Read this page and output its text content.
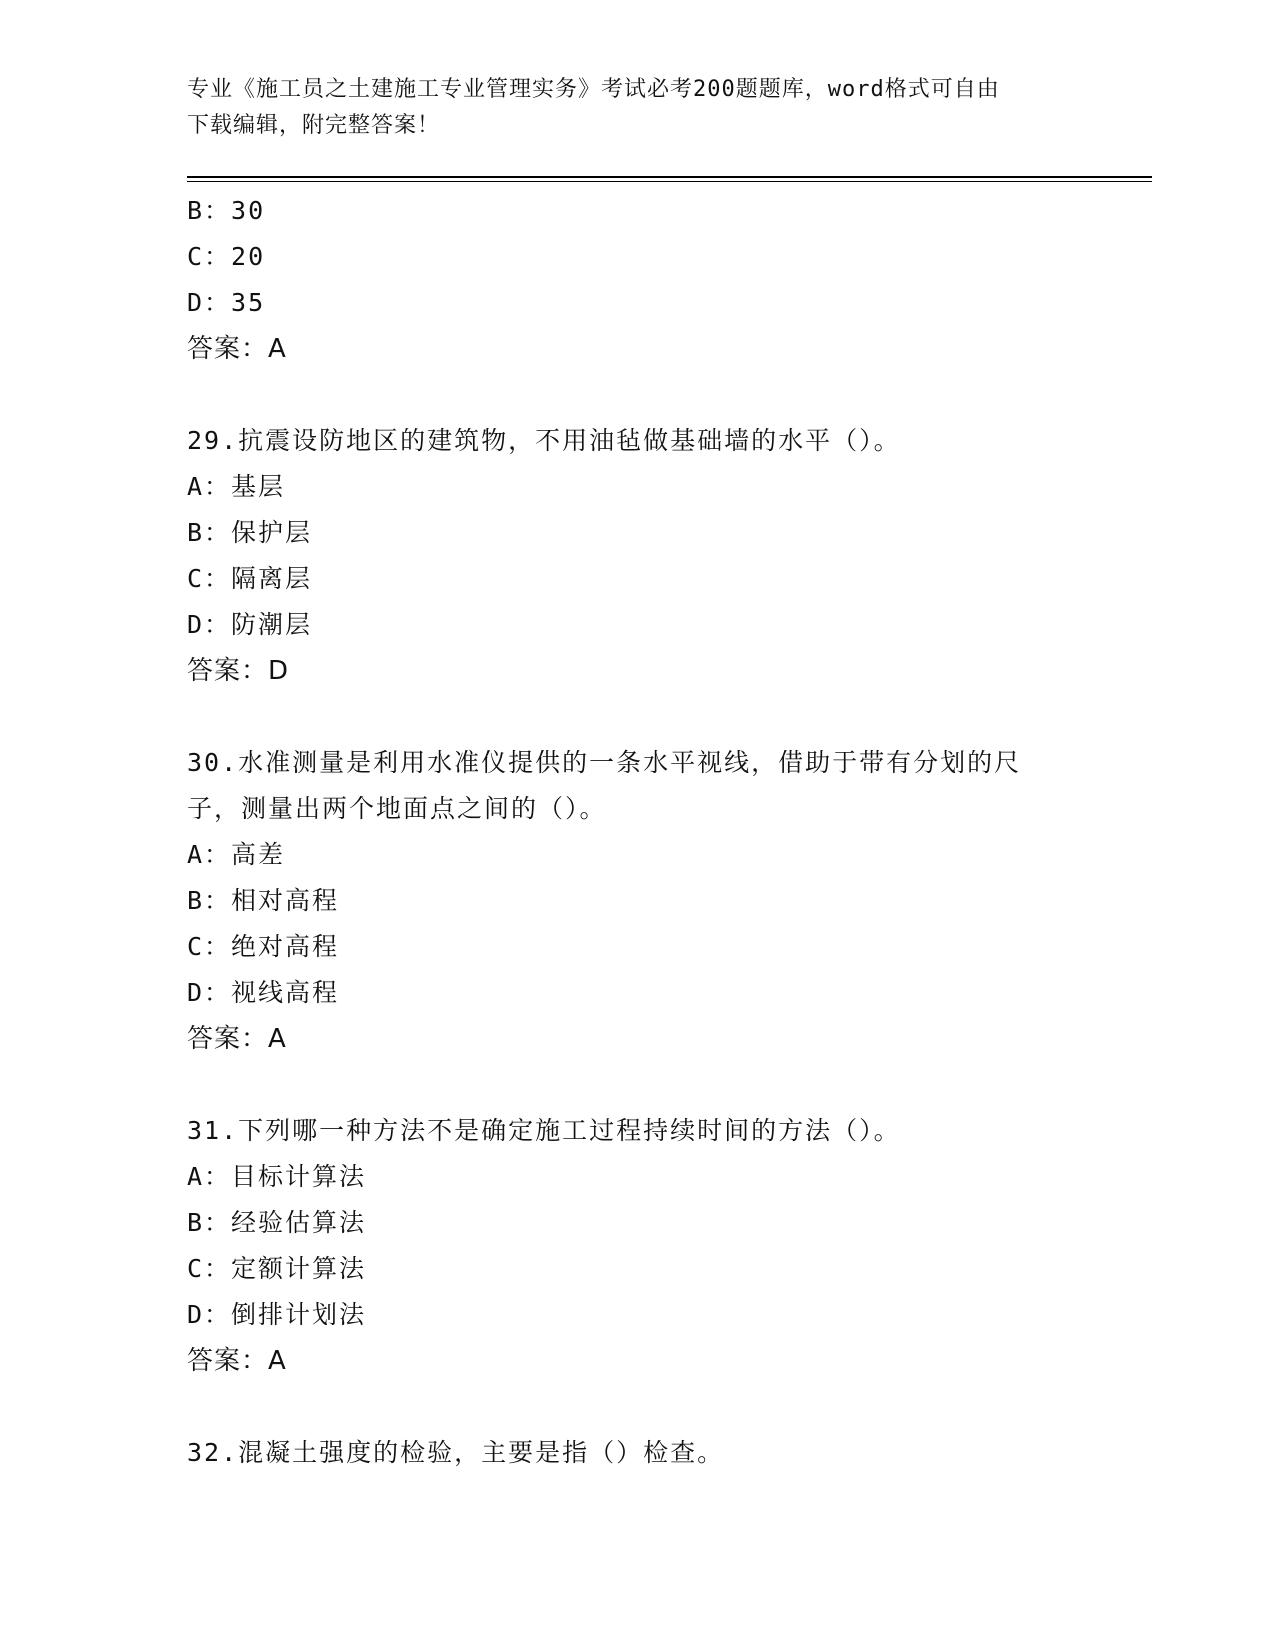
专业《施工员之土建施工专业管理实务》考试必考200题题库，word格式可自由
下载编辑，附完整答案！
B：30
C：20
D：35
答案：A
29.抗震设防地区的建筑物，不用油毡做基础墙的水平（）。
A：基层
B：保护层
C：隔离层
D：防潮层
答案：D
30.水准测量是利用水准仪提供的一条水平视线，借助于带有分划的尺
子，测量出两个地面点之间的（）。
A：高差
B：相对高程
C：绝对高程
D：视线高程
答案：A
31.下列哪一种方法不是确定施工过程持续时间的方法（）。
A：目标计算法
B：经验估算法
C：定额计算法
D：倒排计划法
答案：A
32.混凝土强度的检验，主要是指（）检查。
